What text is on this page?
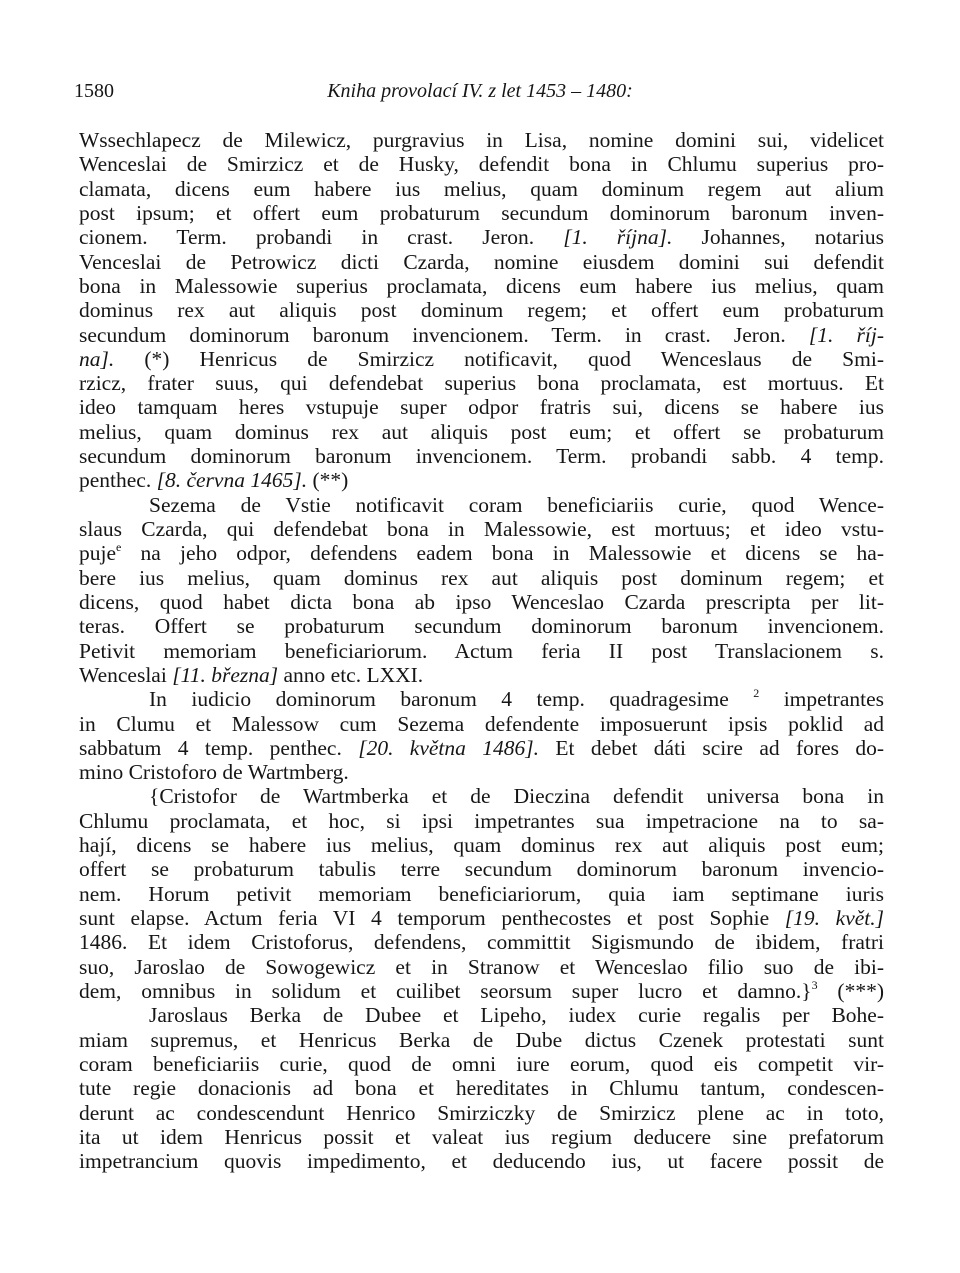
1580	Kniha provolací IV. z let 1453 – 1480:
Wssechlapecz de Milewicz, purgravius in Lisa, nomine domini sui, videlicet
Wenceslai de Smirzicz et de Husky, defendit bona in Chlumu superius pro-
clamata, dicens eum habere ius melius, quam dominum regem aut alium
post ipsum; et offert eum probaturum secundum dominorum baronum inven-
cionem. Term. probandi in crast. Jeron. [1. října]. Johannes, notarius
Venceslai de Petrowicz dicti Czarda, nomine eiusdem domini sui defendit
bona in Malessowie superius proclamata, dicens eum habere ius melius, quam
dominus rex aut aliquis post dominum regem; et offert eum probaturum
secundum dominorum baronum invencionem. Term. in crast. Jeron. [1. říj-
na]. (*) Henricus de Smirzicz notificavit, quod Wenceslaus de Smi-
rzicz, frater suus, qui defendebat superius bona proclamata, est mortuus. Et
ideo tamquam heres vstupuje super odpor fratris sui, dicens se habere ius
melius, quam dominus rex aut aliquis post eum; et offert se probaturum
secundum dominorum baronum invencionem. Term. probandi sabb. 4 temp.
penthec. [8. června 1465]. (**)
Sezema de Vstie notificavit coram beneficiariis curie, quod Wence-
slaus Czarda, qui defendebat bona in Malessowie, est mortuus; et ideo vstu-
puje$^e$ na jeho odpor, defendens eadem bona in Malessowie et dicens se ha-
bere ius melius, quam dominus rex aut aliquis post dominum regem; et
dicens, quod habet dicta bona ab ipso Wenceslao Czarda prescripta per lit-
teras. Offert se probaturum secundum dominorum baronum invencionem.
Petivit memoriam beneficiariorum. Actum feria II post Translacionem s.
Wenceslai [11. března] anno etc. LXXI.
In iudicio dominorum baronum 4 temp. quadragesime $^2$ impetrantes
in Clumu et Malessow cum Sezema defendente imposuerunt ipsis poklid ad
sabbatum 4 temp. penthec. [20. května 1486]. Et debet dáti scire ad fores do-
mino Cristoforo de Wartmberg.
{Cristofor de Wartmberka et de Dieczina defendit universa bona in
Chlumu proclamata, et hoc, si ipsi impetrantes sua impetracione na to sa-
hají, dicens se habere ius melius, quam dominus rex aut aliquis post eum;
offert se probaturum tabulis terre secundum dominorum baronum invencio-
nem. Horum petivit memoriam beneficiariorum, quia iam septimane iuris
sunt elapse. Actum feria VI 4 temporum penthecostes et post Sophie [19. květ.]
1486. Et idem Cristoforus, defendens, committit Sigismundo de ibidem, fratri
suo, Jaroslao de Sowogewicz et in Stranow et Wenceslao filio suo de ibi-
dem, omnibus in solidum et cuilibet seorsum super lucro et damno.}$^3$ (***)
Jaroslaus Berka de Dubee et Lipeho, iudex curie regalis per Bohe-
miam supremus, et Henricus Berka de Dube dictus Czenek protestati sunt
coram beneficiariis curie, quod de omni iure eorum, quod eis competit vir-
tute regie donacionis ad bona et hereditates in Chlumu tantum, condescen-
derunt ac condescendunt Henrico Smirziczky de Smirzicz plene ac in toto,
ita ut idem Henricus possit et valeat ius regium deducere sine prefatorum
impetrancium quovis impedimento, et deducendo ius, ut facere possit de
